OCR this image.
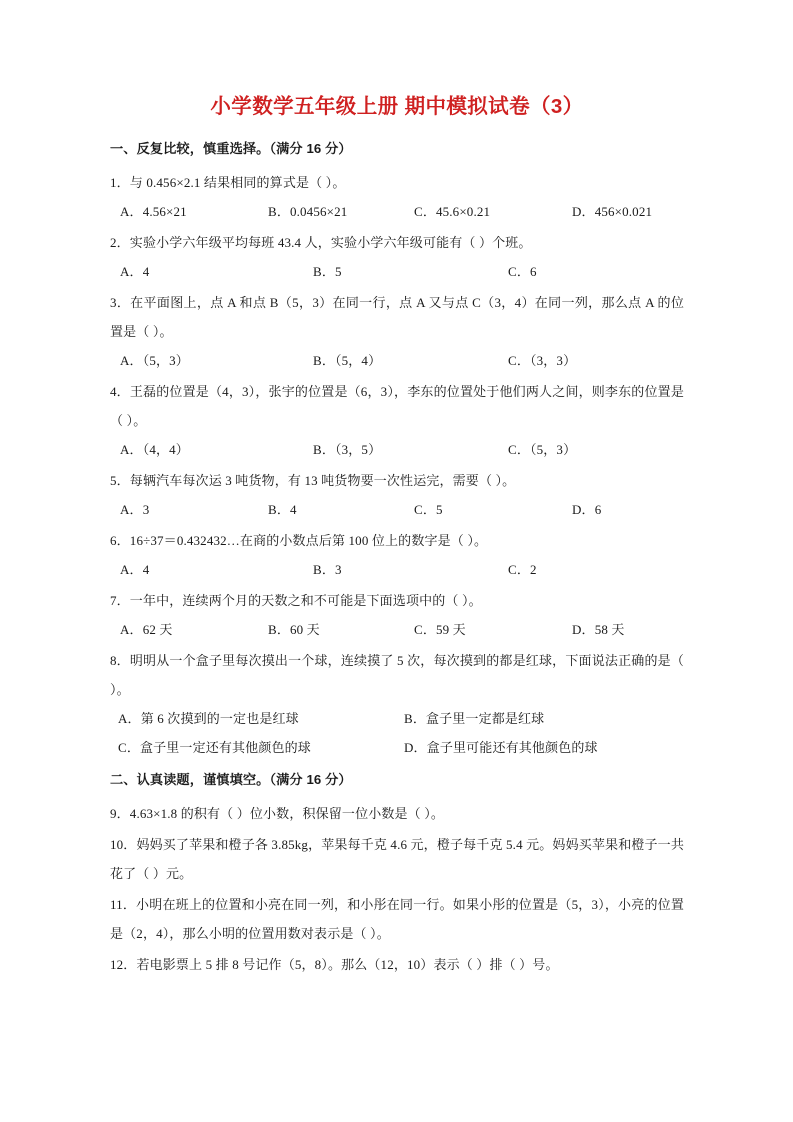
小学数学五年级上册 期中模拟试卷（3）
一、反复比较，慎重选择。（满分 16 分）
1．与 0.456×2.1 结果相同的算式是（ ）。
A．4.56×21	B．0.0456×21	C．45.6×0.21	D．456×0.021
2．实验小学六年级平均每班 43.4 人，实验小学六年级可能有（ ）个班。
A．4	B．5	C．6
3．在平面图上，点 A 和点 B（5，3）在同一行，点 A 又与点 C（3，4）在同一列，那么点 A 的位置是（ ）。
A．（5，3）	B．（5，4）	C．（3，3）
4．王磊的位置是（4，3），张宇的位置是（6，3），李东的位置处于他们两人之间，则李东的位置是（ ）。
A．（4，4）	B．（3，5）	C．（5，3）
5．每辆汽车每次运 3 吨货物，有 13 吨货物要一次性运完，需要（ ）。
A．3	B．4	C．5	D．6
6．16÷37＝0.432432…在商的小数点后第 100 位上的数字是（ ）。
A．4	B．3	C．2
7．一年中，连续两个月的天数之和不可能是下面选项中的（ ）。
A．62 天	B．60 天	C．59 天	D．58 天
8．明明从一个盒子里每次摸出一个球，连续摸了 5 次，每次摸到的都是红球，下面说法正确的是（ ）。
A．第 6 次摸到的一定也是红球	B．盒子里一定都是红球
C．盒子里一定还有其他颜色的球	D．盒子里可能还有其他颜色的球
二、认真读题，谨慎填空。（满分 16 分）
9．4.63×1.8 的积有（ ）位小数，积保留一位小数是（ ）。
10．妈妈买了苹果和橙子各 3.85kg，苹果每千克 4.6 元，橙子每千克 5.4 元。妈妈买苹果和橙子一共花了（ ）元。
11．小明在班上的位置和小亮在同一列，和小彤在同一行。如果小彤的位置是（5，3），小亮的位置是（2，4），那么小明的位置用数对表示是（ ）。
12．若电影票上 5 排 8 号记作（5，8）。那么（12，10）表示（ ）排（ ）号。
